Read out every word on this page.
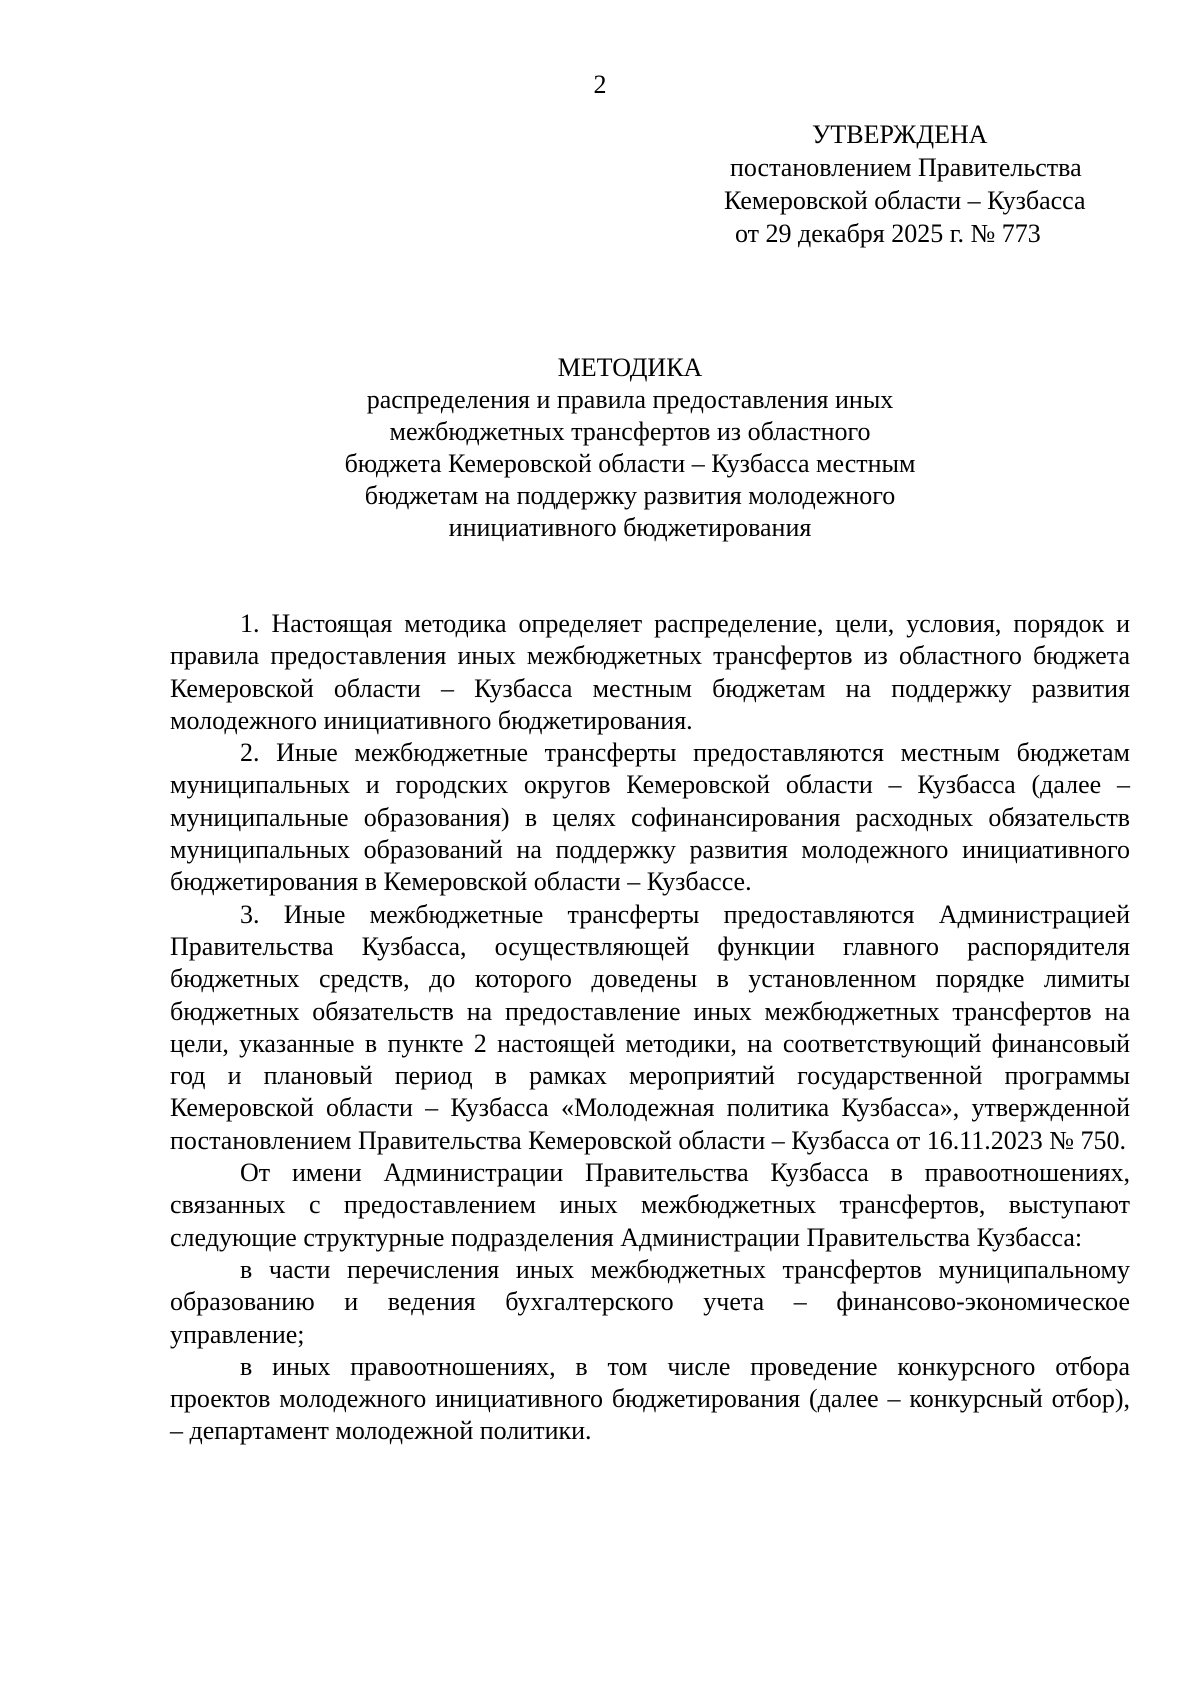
2
УТВЕРЖДЕНА
постановлением Правительства
Кемеровской области – Кузбасса
от 29 декабря 2025 г. № 773
МЕТОДИКА
распределения и правила предоставления иных
межбюджетных трансфертов из областного
бюджета Кемеровской области – Кузбасса местным
бюджетам на поддержку развития молодежного
инициативного бюджетирования

1. Настоящая методика определяет распределение, цели, условия, порядок и правила предоставления иных межбюджетных трансфертов из областного бюджета Кемеровской области – Кузбасса местным бюджетам на поддержку развития молодежного инициативного бюджетирования.

2. Иные межбюджетные трансферты предоставляются местным бюджетам муниципальных и городских округов Кемеровской области – Кузбасса (далее – муниципальные образования) в целях софинансирования расходных обязательств муниципальных образований на поддержку развития молодежного инициативного бюджетирования в Кемеровской области – Кузбассе.

3. Иные межбюджетные трансферты предоставляются Администрацией Правительства Кузбасса, осуществляющей функции главного распорядителя бюджетных средств, до которого доведены в установленном порядке лимиты бюджетных обязательств на предоставление иных межбюджетных трансфертов на цели, указанные в пункте 2 настоящей методики, на соответствующий финансовый год и плановый период в рамках мероприятий государственной программы Кемеровской области – Кузбасса «Молодежная политика Кузбасса», утвержденной постановлением Правительства Кемеровской области – Кузбасса от 16.11.2023 № 750.

От имени Администрации Правительства Кузбасса в правоотношениях, связанных с предоставлением иных межбюджетных трансфертов, выступают следующие структурные подразделения Администрации Правительства Кузбасса:

в части перечисления иных межбюджетных трансфертов муниципальному образованию и ведения бухгалтерского учета – финансово-экономическое управление;

в иных правоотношениях, в том числе проведение конкурсного отбора проектов молодежного инициативного бюджетирования (далее – конкурсный отбор), – департамент молодежной политики.
